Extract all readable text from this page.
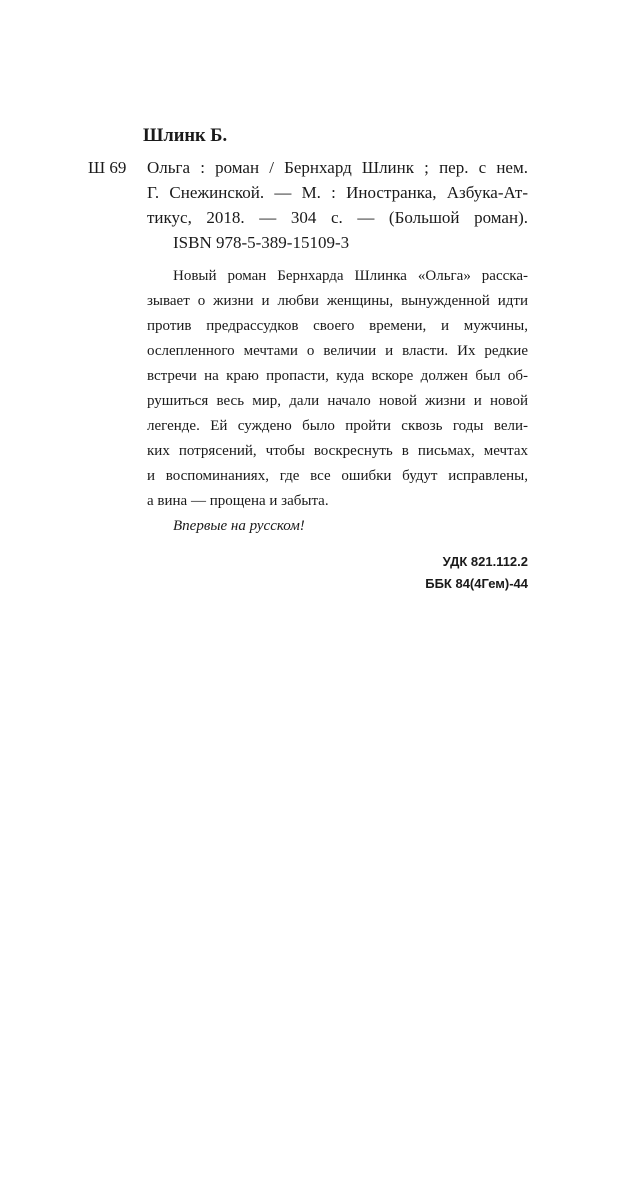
Шлинк Б.
Ш 69 Ольга : роман / Бернхард Шлинк ; пер. с нем.
Г. Снежинской. — М. : Иностранка, Азбука-Ат-
тикус, 2018. — 304 с. — (Большой роман).
ISBN 978-5-389-15109-3
Новый роман Бернхарда Шлинка «Ольга» расска-
зывает о жизни и любви женщины, вынужденной идти
против предрассудков своего времени, и мужчины,
ослепленного мечтами о величии и власти. Их редкие
встречи на краю пропасти, куда вскоре должен был об-
рушиться весь мир, дали начало новой жизни и новой
легенде. Ей суждено было пройти сквозь годы вели-
ких потрясений, чтобы воскреснуть в письмах, мечтах
и воспоминаниях, где все ошибки будут исправлены,
а вина — прощена и забыта.
Впервые на русском!
УДК 821.112.2
ББК 84(4Гем)-44
